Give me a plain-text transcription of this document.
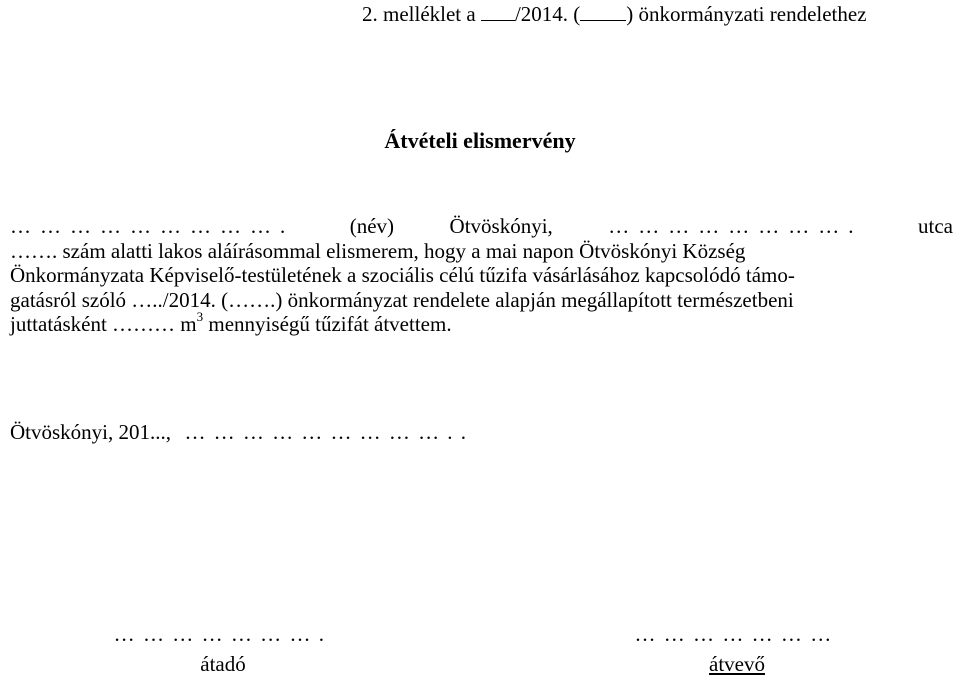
2. melléklet a /2014. ( ) önkormányzati rendelethez
Átvételi elismervény
……………………….	(név)	Ötvöskónyi,	…………………….	utca
……. szám alatti lakos aláírásommal elismerem, hogy a mai napon Ötvöskónyi Község
Önkormányzata Képviselő-testületének a szociális célú tűzifa vásárlásához kapcsolódó támo-
gatásról szóló …../2014. (…….) önkormányzat rendelete alapján megállapított természetbeni
juttatásként ……… $m^3$ mennyiségű tűzifát átvettem.
Ötvöskónyi, 201..., ………………………..
………………….
átadó
…………………
átvevő
